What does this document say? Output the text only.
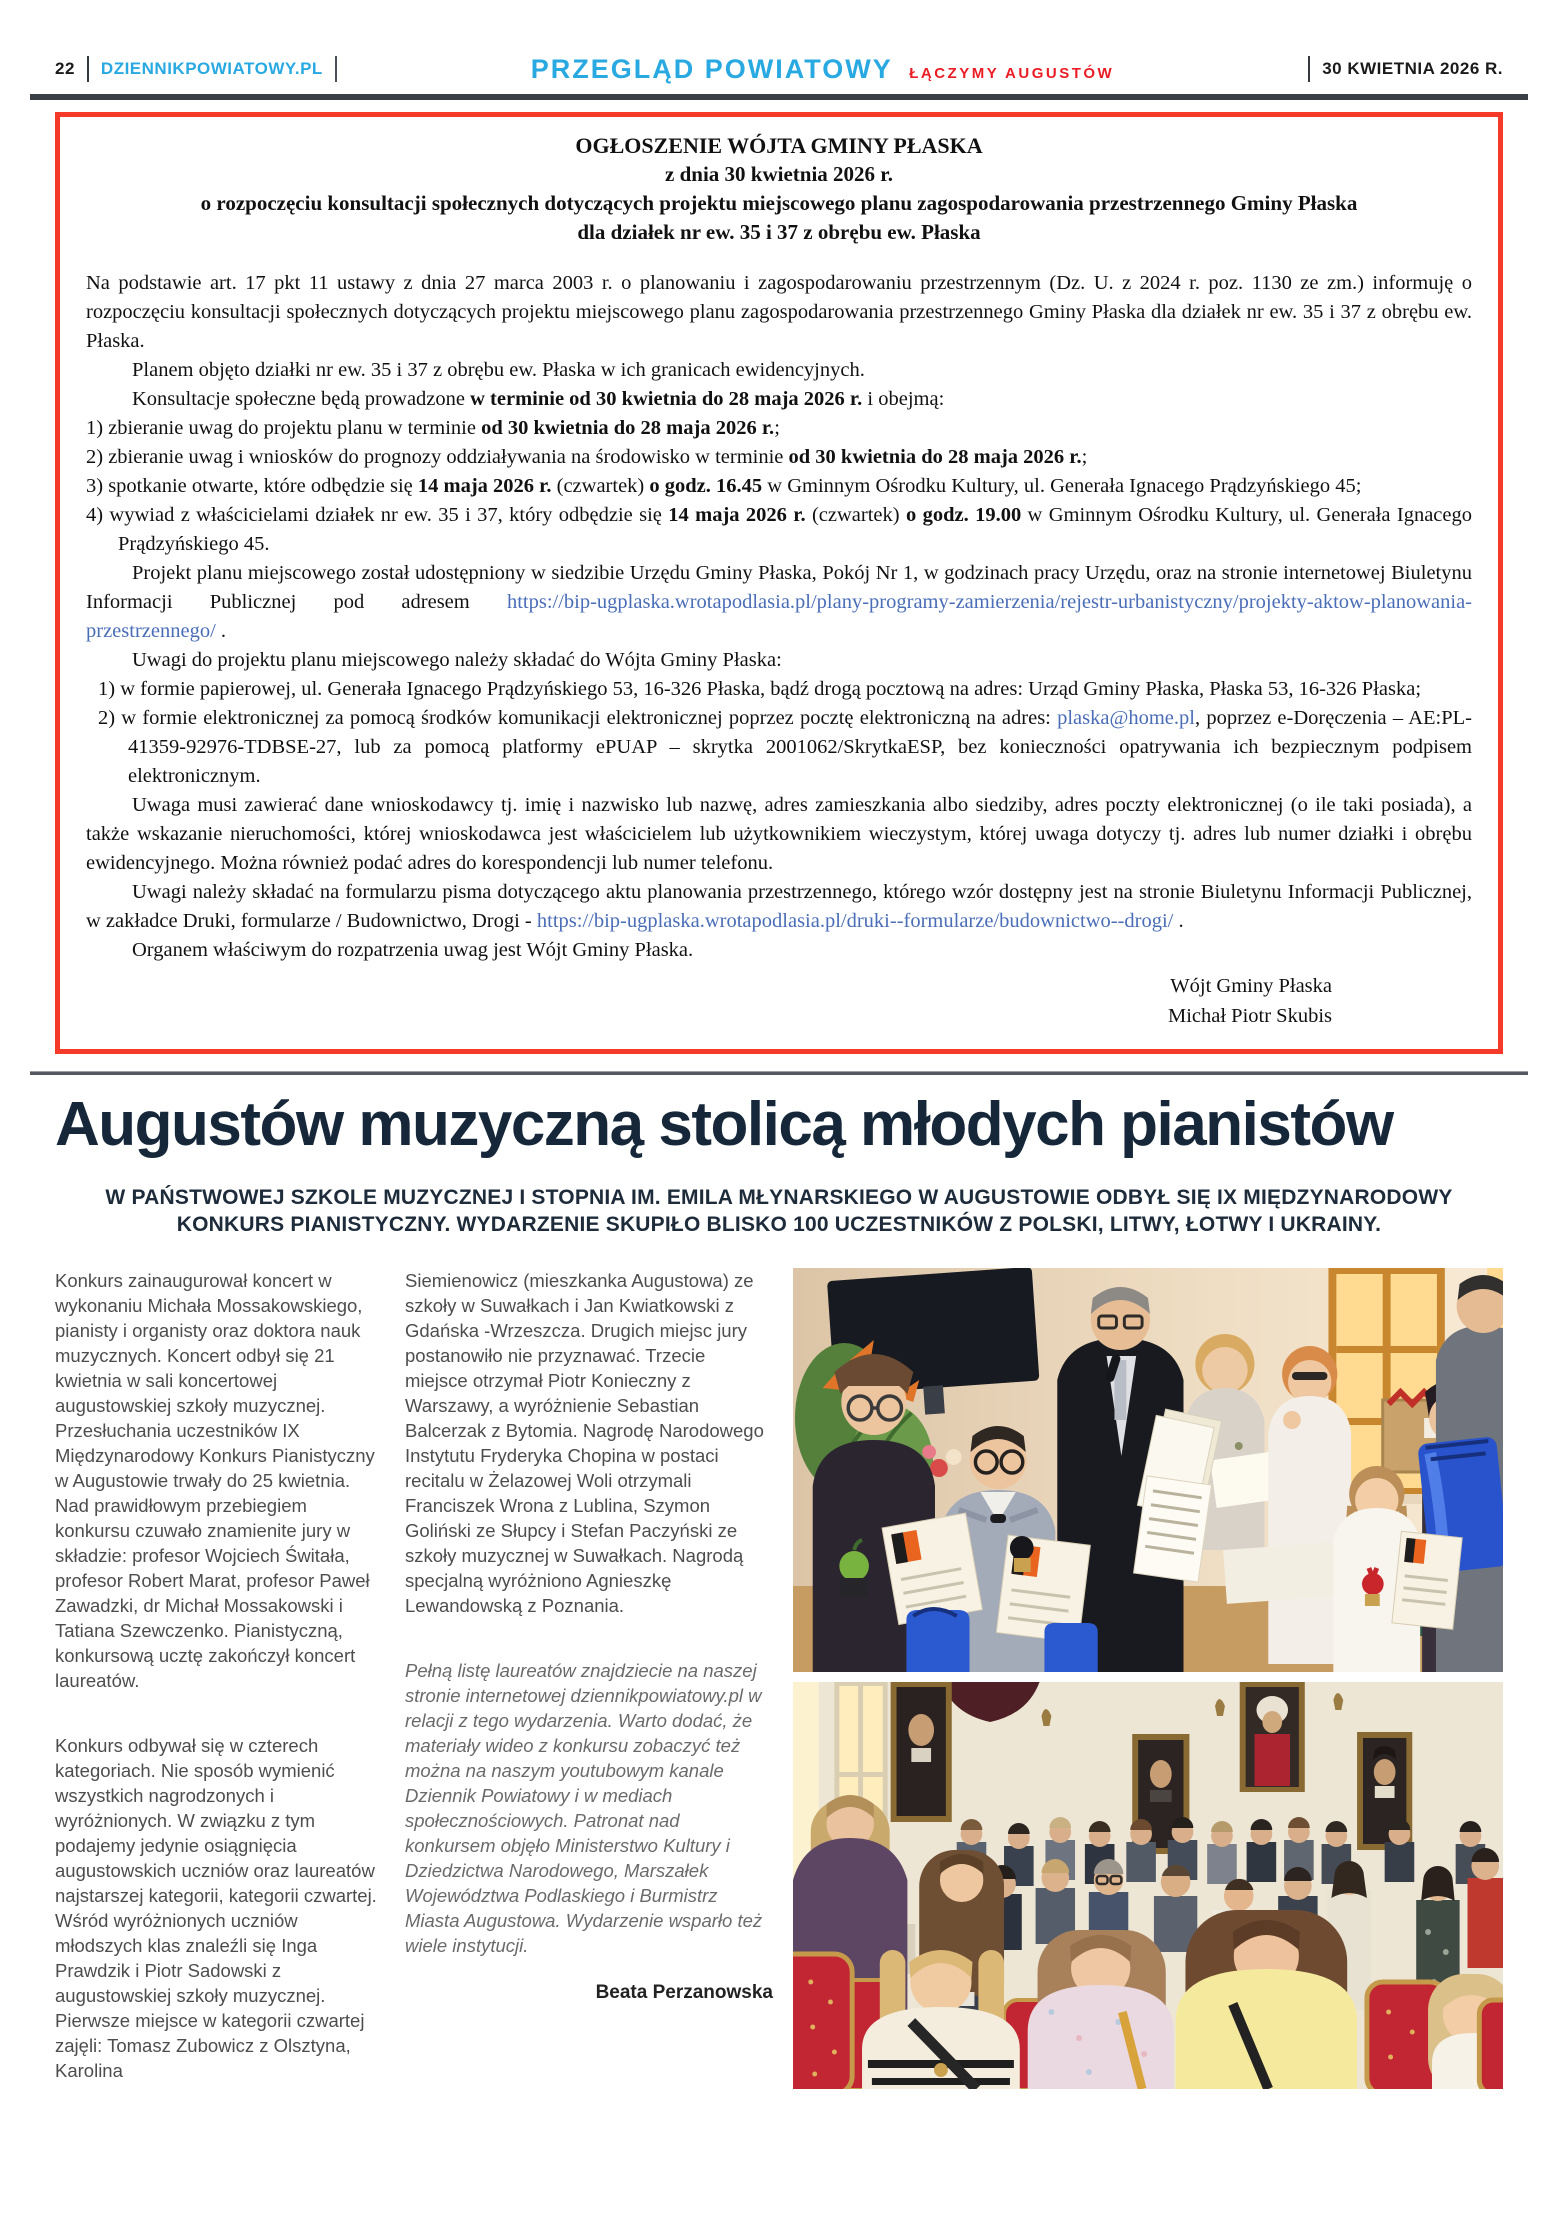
22 DZIENNIKPOWIATOWY.PL	PRZEGLĄD POWIATOWY ŁĄCZYMY AUGUSTÓW	30 KWIETNIA 2026 R.
OGŁOSZENIE WÓJTA GMINY PŁASKA
z dnia 30 kwietnia 2026 r.
o rozpoczęciu konsultacji społecznych dotyczących projektu miejscowego planu zagospodarowania przestrzennego Gminy Płaska
dla działek nr ew. 35 i 37 z obrębu ew. Płaska

Na podstawie art. 17 pkt 11 ustawy z dnia 27 marca 2003 r. o planowaniu i zagospodarowaniu przestrzennym (Dz. U. z 2024 r. poz. 1130 ze zm.) informuję o rozpoczęciu konsultacji społecznych dotyczących projektu miejscowego planu zagospodarowania przestrzennego Gminy Płaska dla działek nr ew. 35 i 37 z obrębu ew. Płaska.

Planem objęto działki nr ew. 35 i 37 z obrębu ew. Płaska w ich granicach ewidencyjnych.

Konsultacje społeczne będą prowadzone w terminie od 30 kwietnia do 28 maja 2026 r. i obejmą:

1) zbieranie uwag do projektu planu w terminie od 30 kwietnia do 28 maja 2026 r.;

2) zbieranie uwag i wniosków do prognozy oddziaływania na środowisko w terminie od 30 kwietnia do 28 maja 2026 r.;

3) spotkanie otwarte, które odbędzie się 14 maja 2026 r. (czwartek) o godz. 16.45 w Gminnym Ośrodku Kultury, ul. Generała Ignacego Prądzyńskiego 45;

4) wywiad z właścicielami działek nr ew. 35 i 37, który odbędzie się 14 maja 2026 r. (czwartek) o godz. 19.00 w Gminnym Ośrodku Kultury, ul. Generała Ignacego Prądzyńskiego 45.

Projekt planu miejscowego został udostępniony w siedzibie Urzędu Gminy Płaska, Pokój Nr 1, w godzinach pracy Urzędu, oraz na stronie internetowej Biuletynu Informacji Publicznej pod adresem https://bip-ugplaska.wrotapodlasia.pl/plany-programy-zamierzenia/rejestr-urbanistyczny/projekty-aktow-planowania-przestrzennego/ .

Uwagi do projektu planu miejscowego należy składać do Wójta Gminy Płaska:

1) w formie papierowej, ul. Generała Ignacego Prądzyńskiego 53, 16-326 Płaska, bądź drogą pocztową na adres: Urząd Gminy Płaska, Płaska 53, 16-326 Płaska;

2) w formie elektronicznej za pomocą środków komunikacji elektronicznej poprzez pocztę elektroniczną na adres: plaska@home.pl, poprzez e-Doręczenia – AE:PL-41359-92976-TDBSE-27, lub za pomocą platformy ePUAP – skrytka 2001062/SkrytkaESP, bez konieczności opatrywania ich bezpiecznym podpisem elektronicznym.

Uwaga musi zawierać dane wnioskodawcy tj. imię i nazwisko lub nazwę, adres zamieszkania albo siedziby, adres poczty elektronicznej (o ile taki posiada), a także wskazanie nieruchomości, której wnioskodawca jest właścicielem lub użytkownikiem wieczystym, której uwaga dotyczy tj. adres lub numer działki i obrębu ewidencyjnego. Można również podać adres do korespondencji lub numer telefonu.

Uwagi należy składać na formularzu pisma dotyczącego aktu planowania przestrzennego, którego wzór dostępny jest na stronie Biuletynu Informacji Publicznej, w zakładce Druki, formularze / Budownictwo, Drogi - https://bip-ugplaska.wrotapodlasia.pl/druki--formularze/budownictwo--drogi/ .

Organem właściwym do rozpatrzenia uwag jest Wójt Gminy Płaska.

Wójt Gminy Płaska
Michał Piotr Skubis
Augustów muzyczną stolicą młodych pianistów
W PAŃSTWOWEJ SZKOLE MUZYCZNEJ I STOPNIA IM. EMILA MŁYNARSKIEGO W AUGUSTOWIE ODBYŁ SIĘ IX MIĘDZYNARODOWY
KONKURS PIANISTYCZNY. WYDARZENIE SKUPIŁO BLISKO 100 UCZESTNIKÓW Z POLSKI, LITWY, ŁOTWY I UKRAINY.

Konkurs zainaugurował koncert w wykonaniu Michała Mossakowskiego, pianisty i organisty oraz doktora nauk muzycznych. Koncert odbył się 21 kwietnia w sali koncertowej augustowskiej szkoły muzycznej. Przesłuchania uczestników IX Międzynarodowy Konkurs Pianistyczny w Augustowie trwały do 25 kwietnia. Nad prawidłowym przebiegiem konkursu czuwało znamienite jury w składzie: profesor Wojciech Świtała, profesor Robert Marat, profesor Paweł Zawadzki, dr Michał Mossakowski i Tatiana Szewczenko. Pianistyczną, konkursową ucztę zakończył koncert laureatów.

Konkurs odbywał się w czterech kategoriach. Nie sposób wymienić wszystkich nagrodzonych i wyróżnionych. W związku z tym podajemy jedynie osiągnięcia augustowskich uczniów oraz laureatów najstarszej kategorii, kategorii czwartej. Wśród wyróżnionych uczniów młodszych klas znaleźli się Inga Prawdzik i Piotr Sadowski z augustowskiej szkoły muzycznej. Pierwsze miejsce w kategorii czwartej zajęli: Tomasz Zubowicz z Olsztyna, Karolina

Siemienowicz (mieszkanka Augustowa) ze szkoły w Suwałkach i Jan Kwiatkowski z Gdańska -Wrzeszcza. Drugich miejsc jury postanowiło nie przyznawać. Trzecie miejsce otrzymał Piotr Konieczny z Warszawy, a wyróżnienie Sebastian Balcerzak z Bytomia. Nagrodę Narodowego Instytutu Fryderyka Chopina w postaci recitalu w Żelazowej Woli otrzymali Franciszek Wrona z Lublina, Szymon Goliński ze Słupcy i Stefan Paczyński ze szkoły muzycznej w Suwałkach. Nagrodą specjalną wyróżniono Agnieszkę Lewandowską z Poznania.

Pełną listę laureatów znajdziecie na naszej stronie internetowej dziennikpowiatowy.pl w relacji z tego wydarzenia. Warto dodać, że materiały wideo z konkursu zobaczyć też można na naszym youtubowym kanale Dziennik Powiatowy i w mediach społecznościowych. Patronat nad konkursem objęło Ministerstwo Kultury i Dziedzictwa Narodowego, Marszałek Województwa Podlaskiego i Burmistrz Miasta Augustowa. Wydarzenie wsparło też wiele instytucji.

Beata Perzanowska
